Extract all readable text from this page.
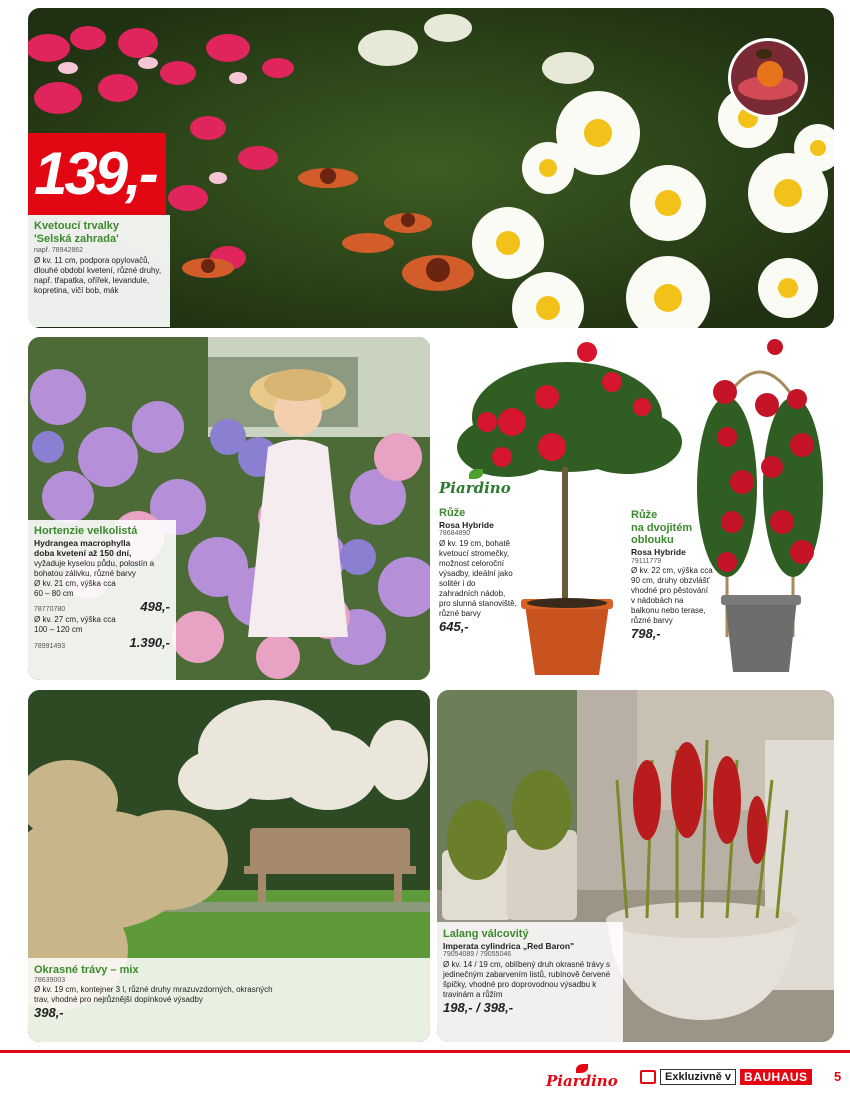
139,-
Kvetoucí trvalky
'Selská zahrada'
např. 78942862
Ø kv. 11 cm, podpora opylovačů, dlouhé období kvetení, různé druhy, např. třapatka, ořířek, levandule, kopretina, vičí bob, mák
Hortenzie velkolistá
Hydrangea macrophylla
doba kvetení až 150 dní,
vyžaduje kyselou půdu, polostín a bohatou zálivku, různé barvy
Ø kv. 21 cm, výška cca 60 – 80 cm
78770780	498,-
Ø kv. 27 cm, výška cca 100 – 120 cm
78991493	1.390,-
Piardino
Růže
Rosa Hybride
78684890
Ø kv. 19 cm, bohatě kvetoucí stromečky, možnost celoroční výsadby, ideální jako solitér i do zahradních nádob, pro slunná stanoviště, různé barvy
645,-
Růže
na dvojitém
oblouku
Rosa Hybride
79111779
Ø kv. 22 cm, výška cca 90 cm, druhy obzvlášť vhodné pro pěstování v nádobách na balkonu nebo terase, různé barvy
798,-
Okrasné trávy – mix
78639003
Ø kv. 19 cm, kontejner 3 l, různé druhy mrazuvzdorných, okrasných trav, vhodné pro nejrůznější dopínkové výsadby
398,-
Lalang válcovitý
Imperata cylindrica „Red Baron"
79054089 / 79055046
Ø kv. 14 / 19 cm, oblíbený druh okrasné trávy s jedinečným zabarvením listů, rubínově červené špičky, vhodné pro doprovodnou výsadbu k travinám a růžím
198,- / 398,-
Piardino	Exkluzivně v	BAUHAUS	5
